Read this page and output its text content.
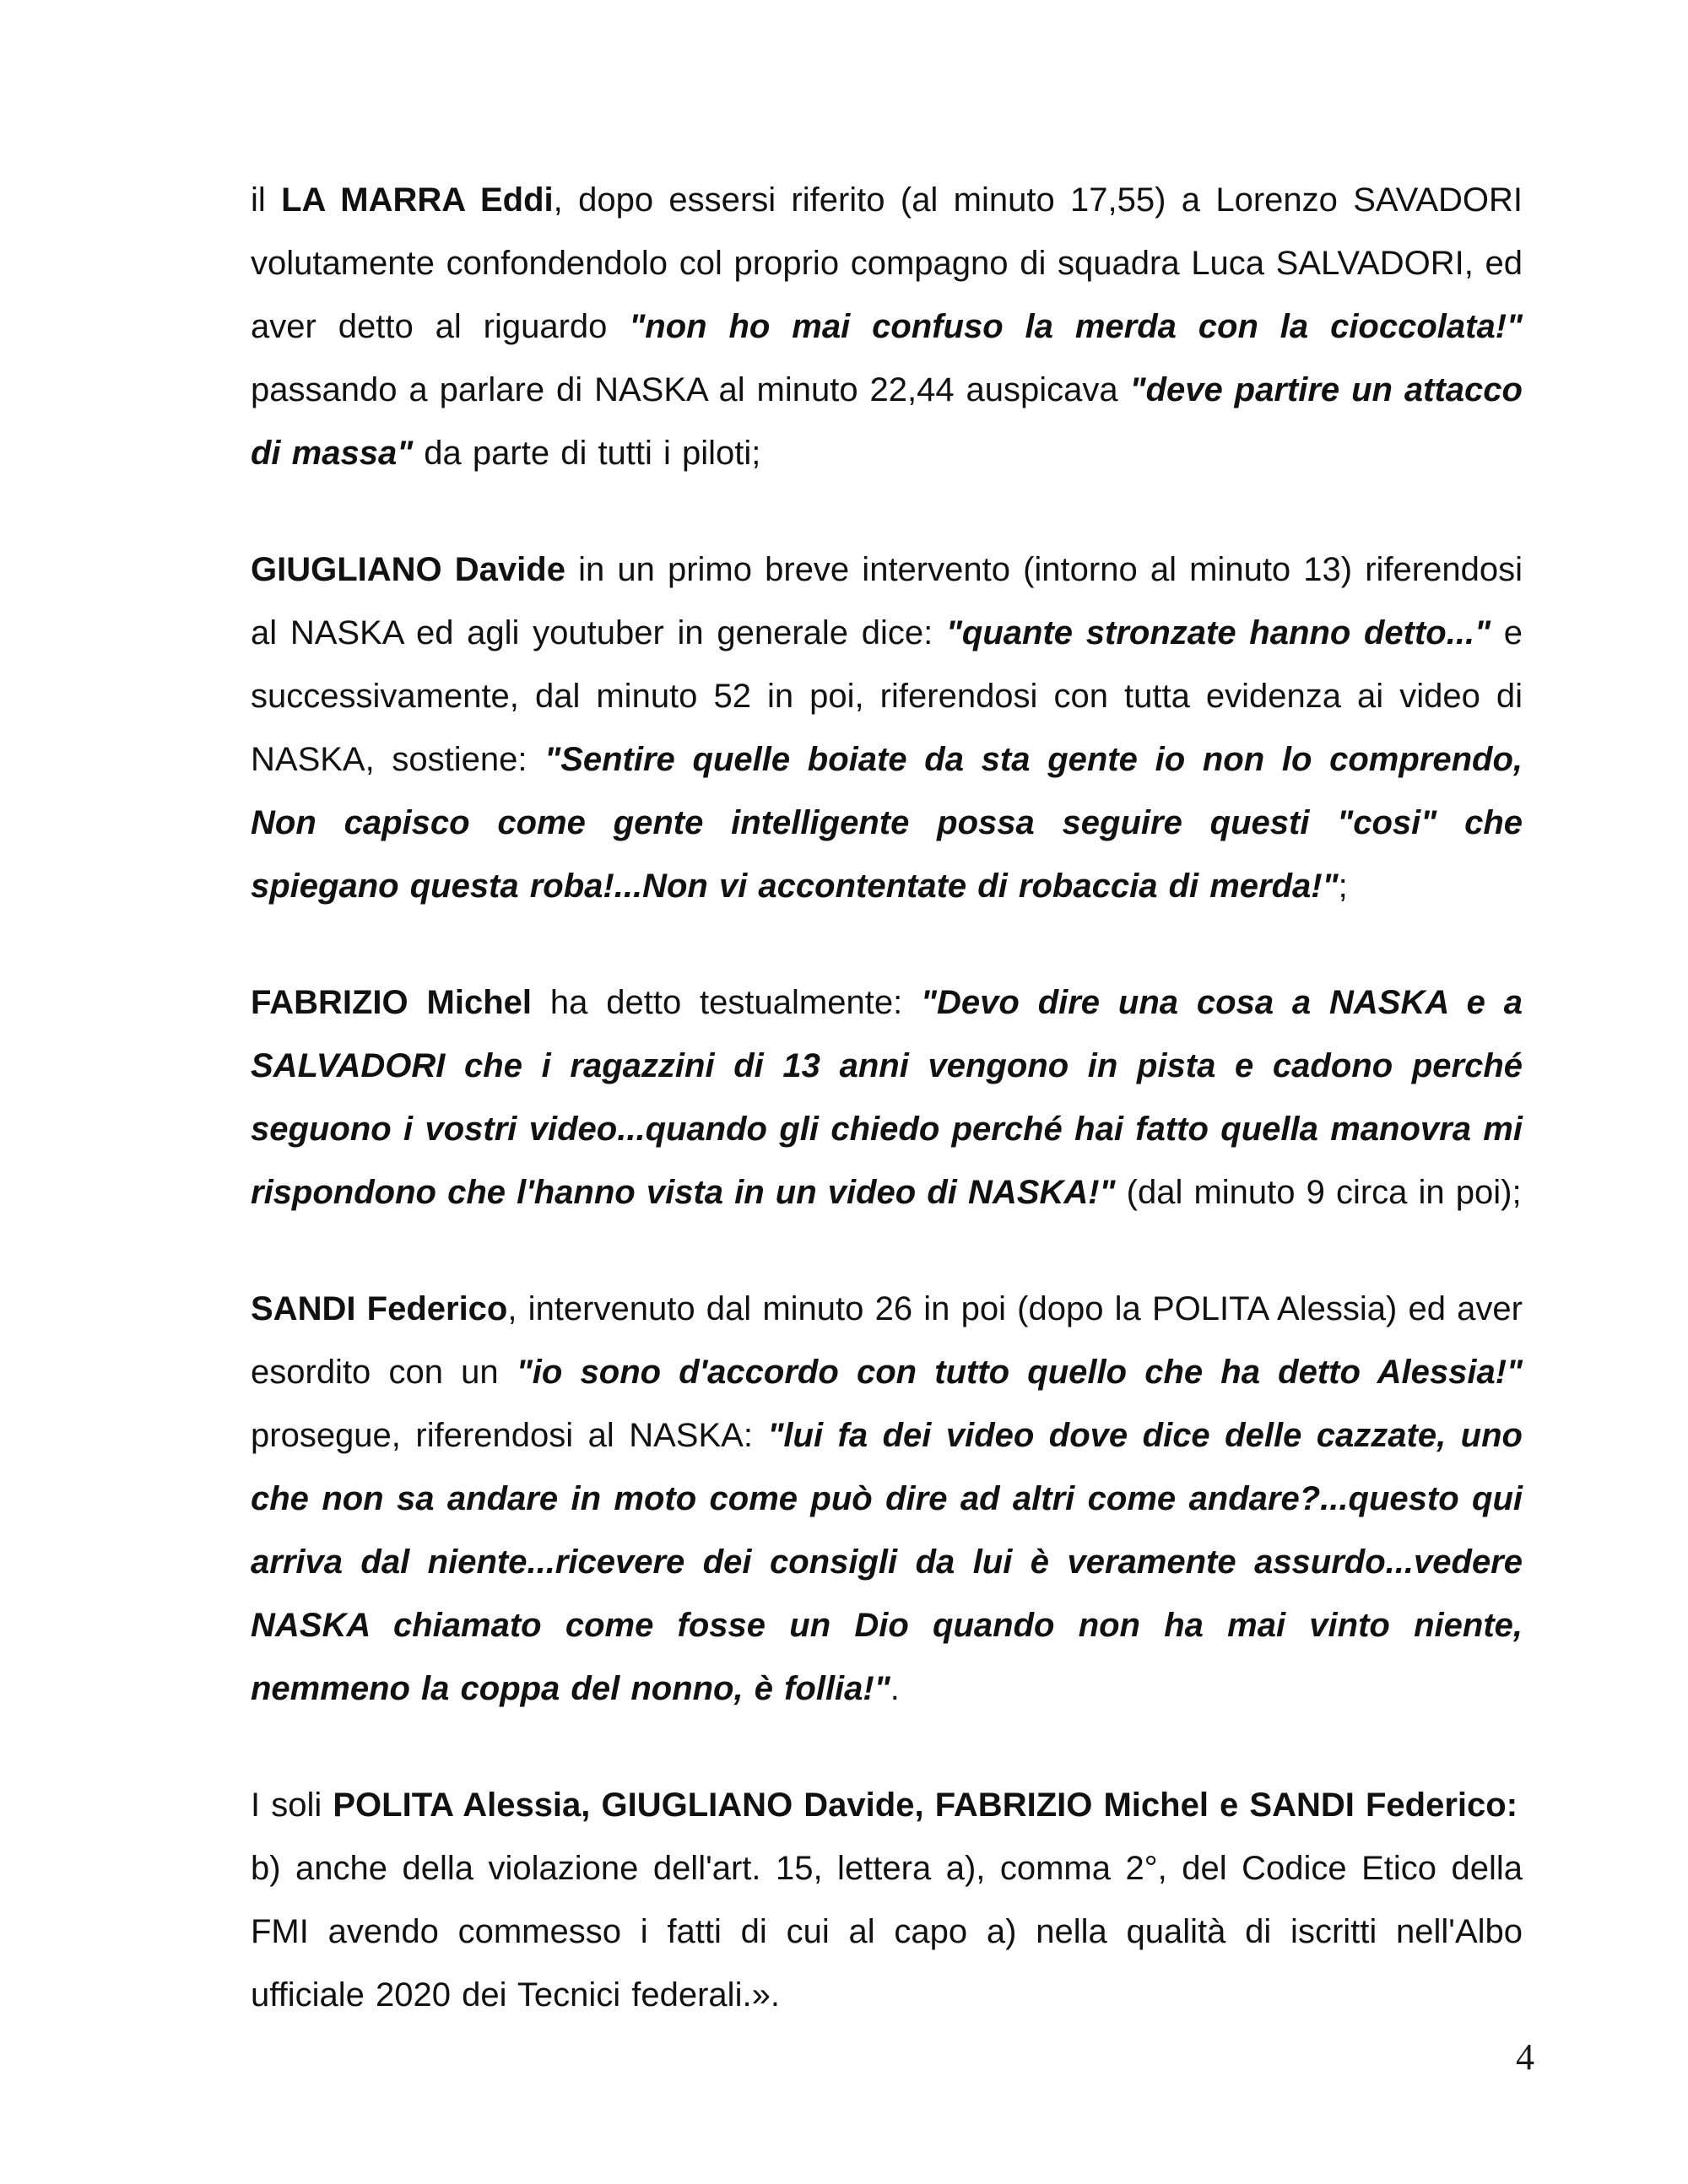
il LA MARRA Eddi, dopo essersi riferito (al minuto 17,55) a Lorenzo SAVADORI volutamente confondendolo col proprio compagno di squadra Luca SALVADORI, ed aver detto al riguardo "non ho mai confuso la merda con la cioccolata!" passando a parlare di NASKA al minuto 22,44 auspicava "deve partire un attacco di massa" da parte di tutti i piloti;

GIUGLIANO Davide in un primo breve intervento (intorno al minuto 13) riferendosi al NASKA ed agli youtuber in generale dice: "quante stronzate hanno detto..." e successivamente, dal minuto 52 in poi, riferendosi con tutta evidenza ai video di NASKA, sostiene: "Sentire quelle boiate da sta gente io non lo comprendo, Non capisco come gente intelligente possa seguire questi "cosi" che spiegano questa roba!...Non vi accontentate di robaccia di merda!";

FABRIZIO Michel ha detto testualmente: "Devo dire una cosa a NASKA e a SALVADORI che i ragazzini di 13 anni vengono in pista e cadono perché seguono i vostri video...quando gli chiedo perché hai fatto quella manovra mi rispondono che l'hanno vista in un video di NASKA!" (dal minuto 9 circa in poi);

SANDI Federico, intervenuto dal minuto 26 in poi (dopo la POLITA Alessia) ed aver esordito con un "io sono d'accordo con tutto quello che ha detto Alessia!" prosegue, riferendosi al NASKA: "lui fa dei video dove dice delle cazzate, uno che non sa andare in moto come può dire ad altri come andare?...questo qui arriva dal niente...ricevere dei consigli da lui è veramente assurdo...vedere NASKA chiamato come fosse un Dio quando non ha mai vinto niente, nemmeno la coppa del nonno, è follia!".

I soli POLITA Alessia, GIUGLIANO Davide, FABRIZIO Michel e SANDI Federico:

b) anche della violazione dell'art. 15, lettera a), comma 2°, del Codice Etico della FMI avendo commesso i fatti di cui al capo a) nella qualità di iscritti nell'Albo ufficiale 2020 dei Tecnici federali.».

4
